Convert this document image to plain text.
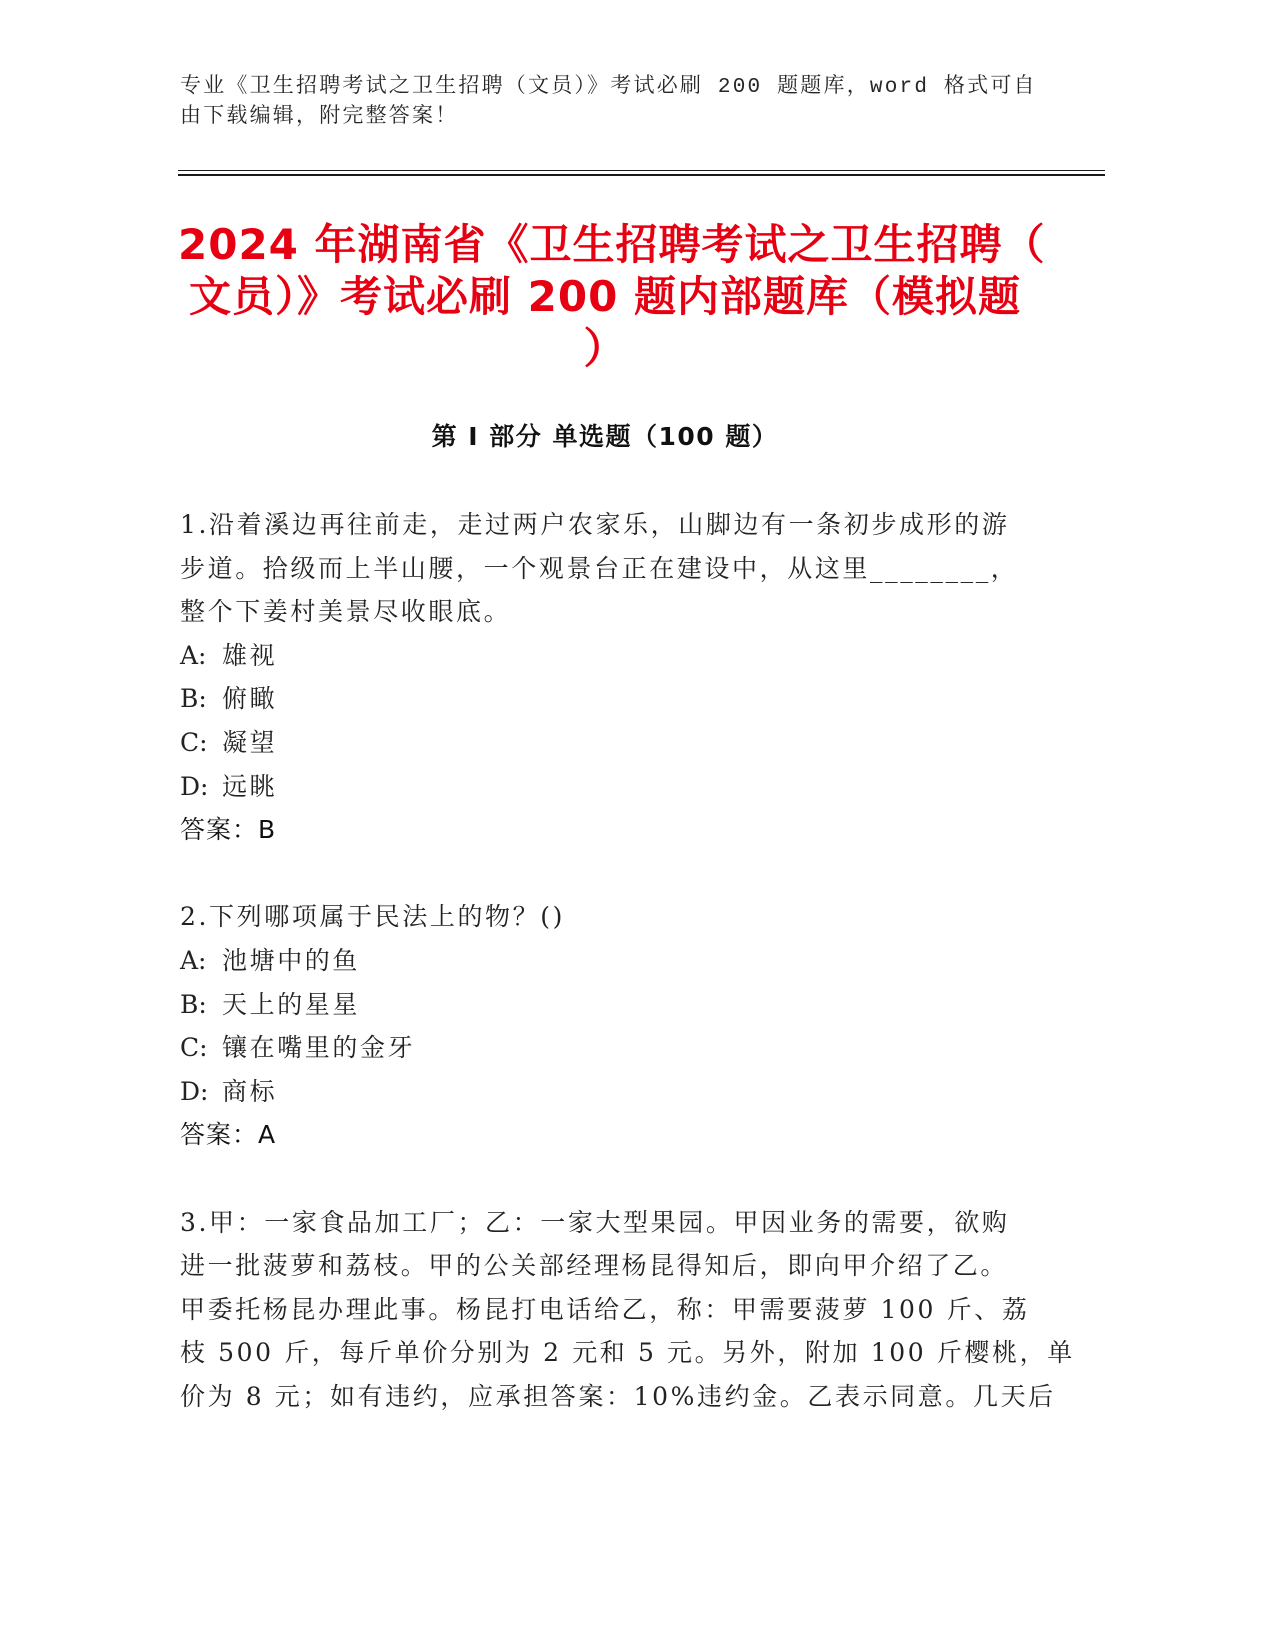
专业《卫生招聘考试之卫生招聘（文员）》考试必刷 200 题题库，word 格式可自
由下载编辑，附完整答案！
2024 年湖南省《卫生招聘考试之卫生招聘（
文员）》考试必刷 200 题内部题库（模拟题
）
第 I 部分 单选题（100 题）
1.沿着溪边再往前走，走过两户农家乐，山脚边有一条初步成形的游
步道。拾级而上半山腰，一个观景台正在建设中，从这里________，
整个下姜村美景尽收眼底。
A: 雄视
B: 俯瞰
C: 凝望
D: 远眺
答案：B
2.下列哪项属于民法上的物？()
A: 池塘中的鱼
B: 天上的星星
C: 镶在嘴里的金牙
D: 商标
答案：A
3.甲：一家食品加工厂；乙：一家大型果园。甲因业务的需要，欲购
进一批菠萝和荔枝。甲的公关部经理杨昆得知后，即向甲介绍了乙。
甲委托杨昆办理此事。杨昆打电话给乙，称：甲需要菠萝 100 斤、荔
枝 500 斤，每斤单价分别为 2 元和 5 元。另外，附加 100 斤樱桃，单
价为 8 元；如有违约，应承担答案：10%违约金。乙表示同意。几天后
